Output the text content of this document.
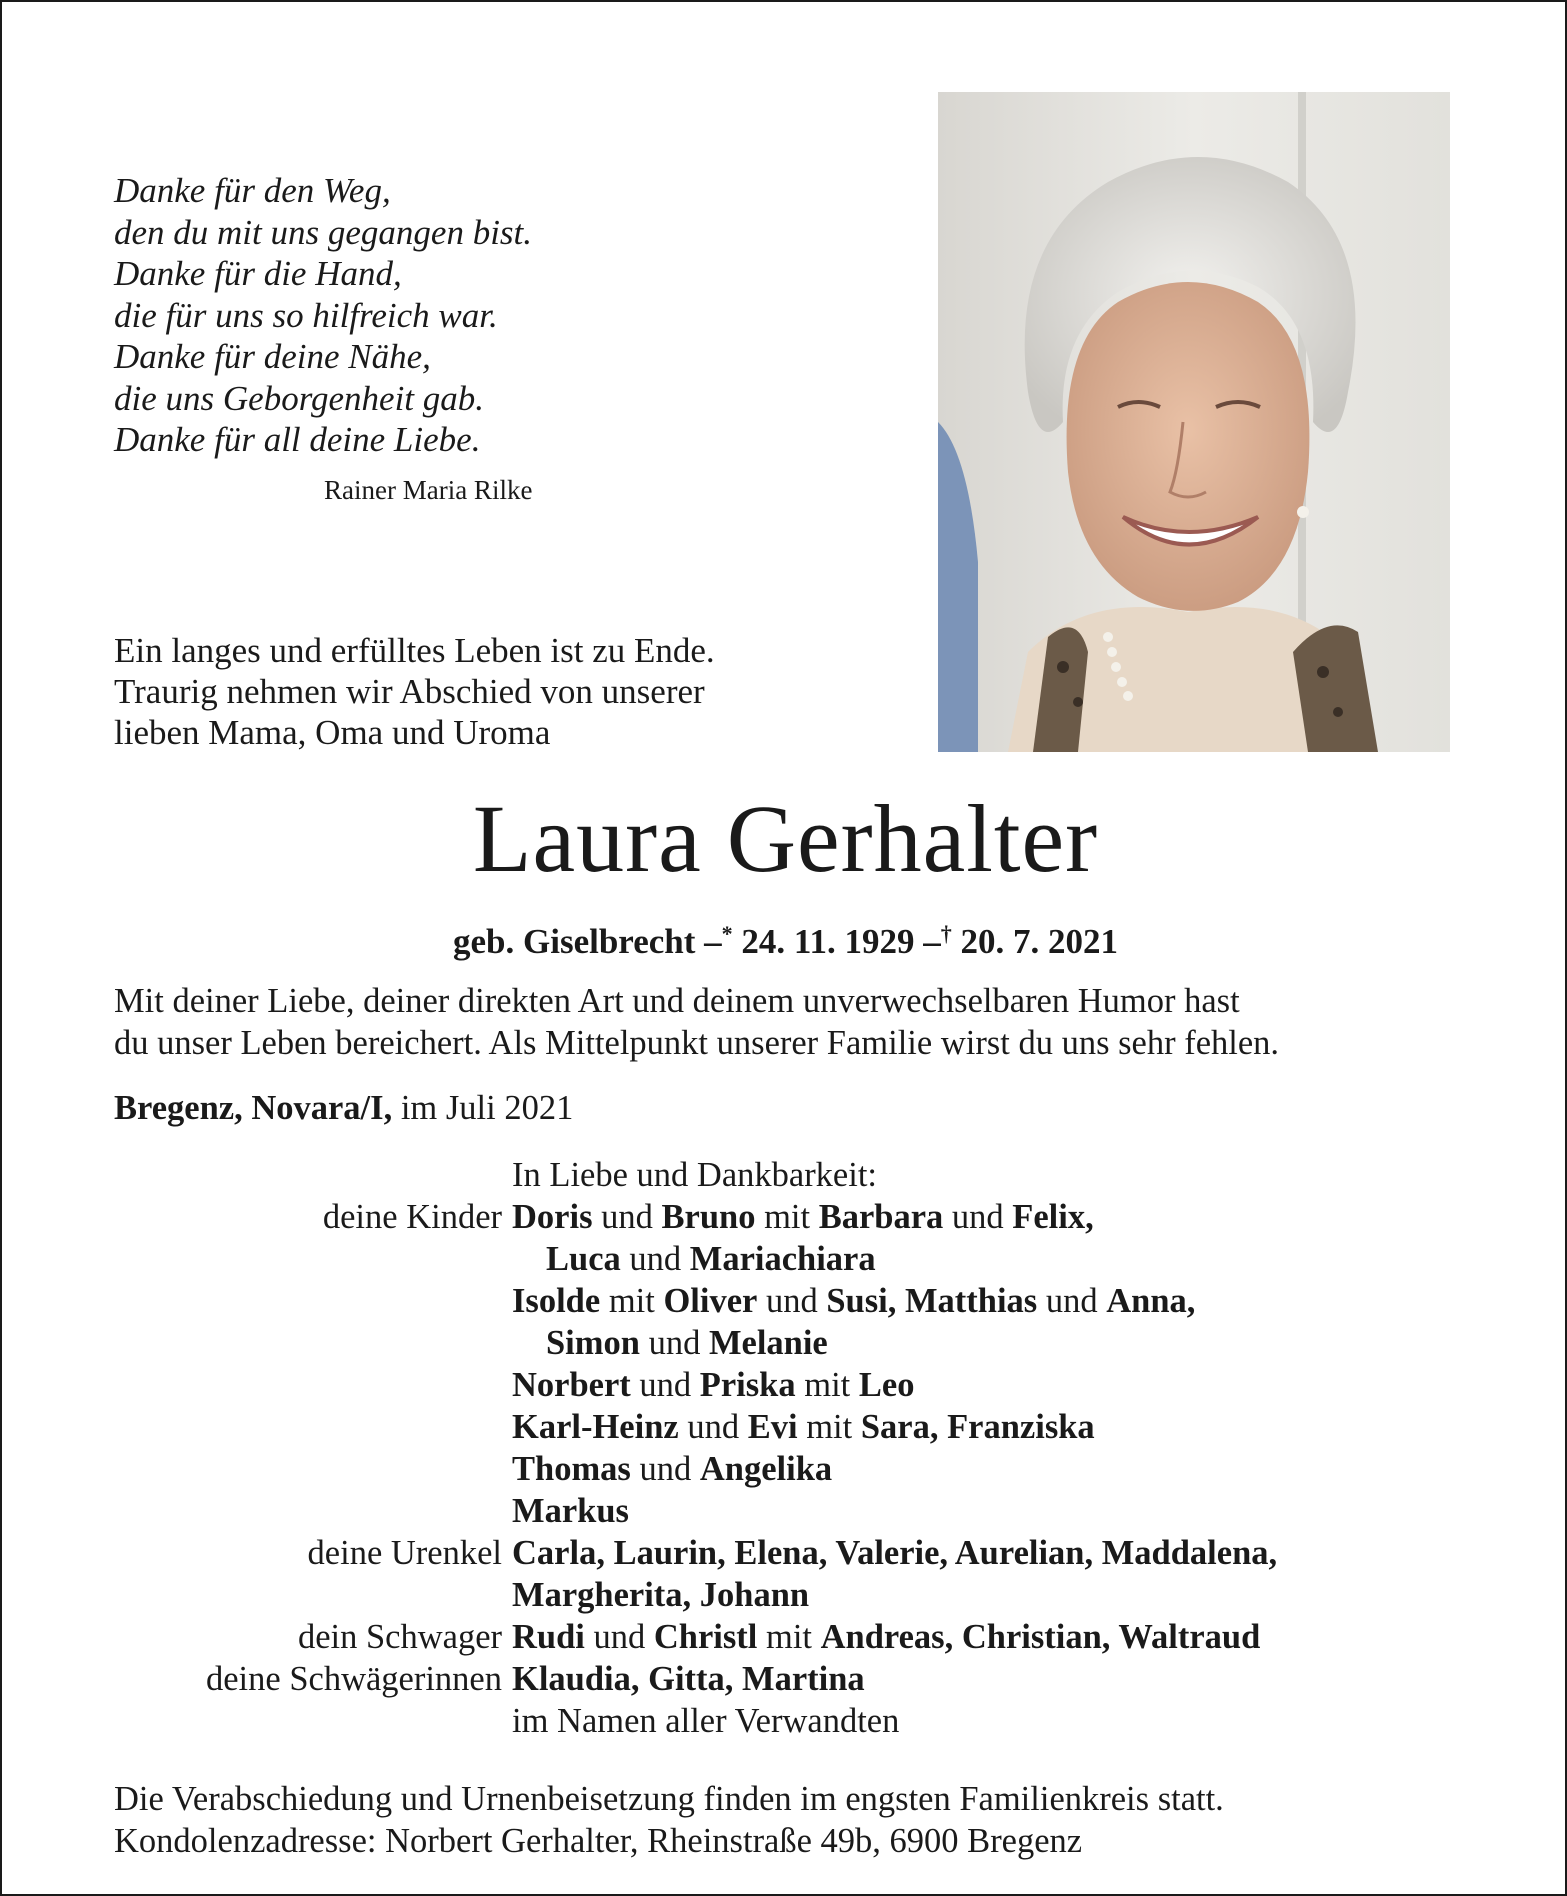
Danke für den Weg,
den du mit uns gegangen bist.
Danke für die Hand,
die für uns so hilfreich war.
Danke für deine Nähe,
die uns Geborgenheit gab.
Danke für all deine Liebe.
Rainer Maria Rilke
Ein langes und erfülltes Leben ist zu Ende.
Traurig nehmen wir Abschied von unserer
lieben Mama, Oma und Uroma
Laura Gerhalter
geb. Giselbrecht –* 24. 11. 1929 –† 20. 7. 2021
Mit deiner Liebe, deiner direkten Art und deinem unverwechselbaren Humor hast
du unser Leben bereichert. Als Mittelpunkt unserer Familie wirst du uns sehr fehlen.
Bregenz, Novara/I, im Juli 2021
In Liebe und Dankbarkeit:
deine Kinder Doris und Bruno mit Barbara und Felix,
Luca und Mariachiara
Isolde mit Oliver und Susi, Matthias und Anna,
Simon und Melanie
Norbert und Priska mit Leo
Karl-Heinz und Evi mit Sara, Franziska
Thomas und Angelika
Markus
deine Urenkel Carla, Laurin, Elena, Valerie, Aurelian, Maddalena,
Margherita, Johann
dein Schwager Rudi und Christl mit Andreas, Christian, Waltraud
deine Schwägerinnen Klaudia, Gitta, Martina
im Namen aller Verwandten
Die Verabschiedung und Urnenbeisetzung finden im engsten Familienkreis statt.
Kondolenzadresse: Norbert Gerhalter, Rheinstraße 49b, 6900 Bregenz
